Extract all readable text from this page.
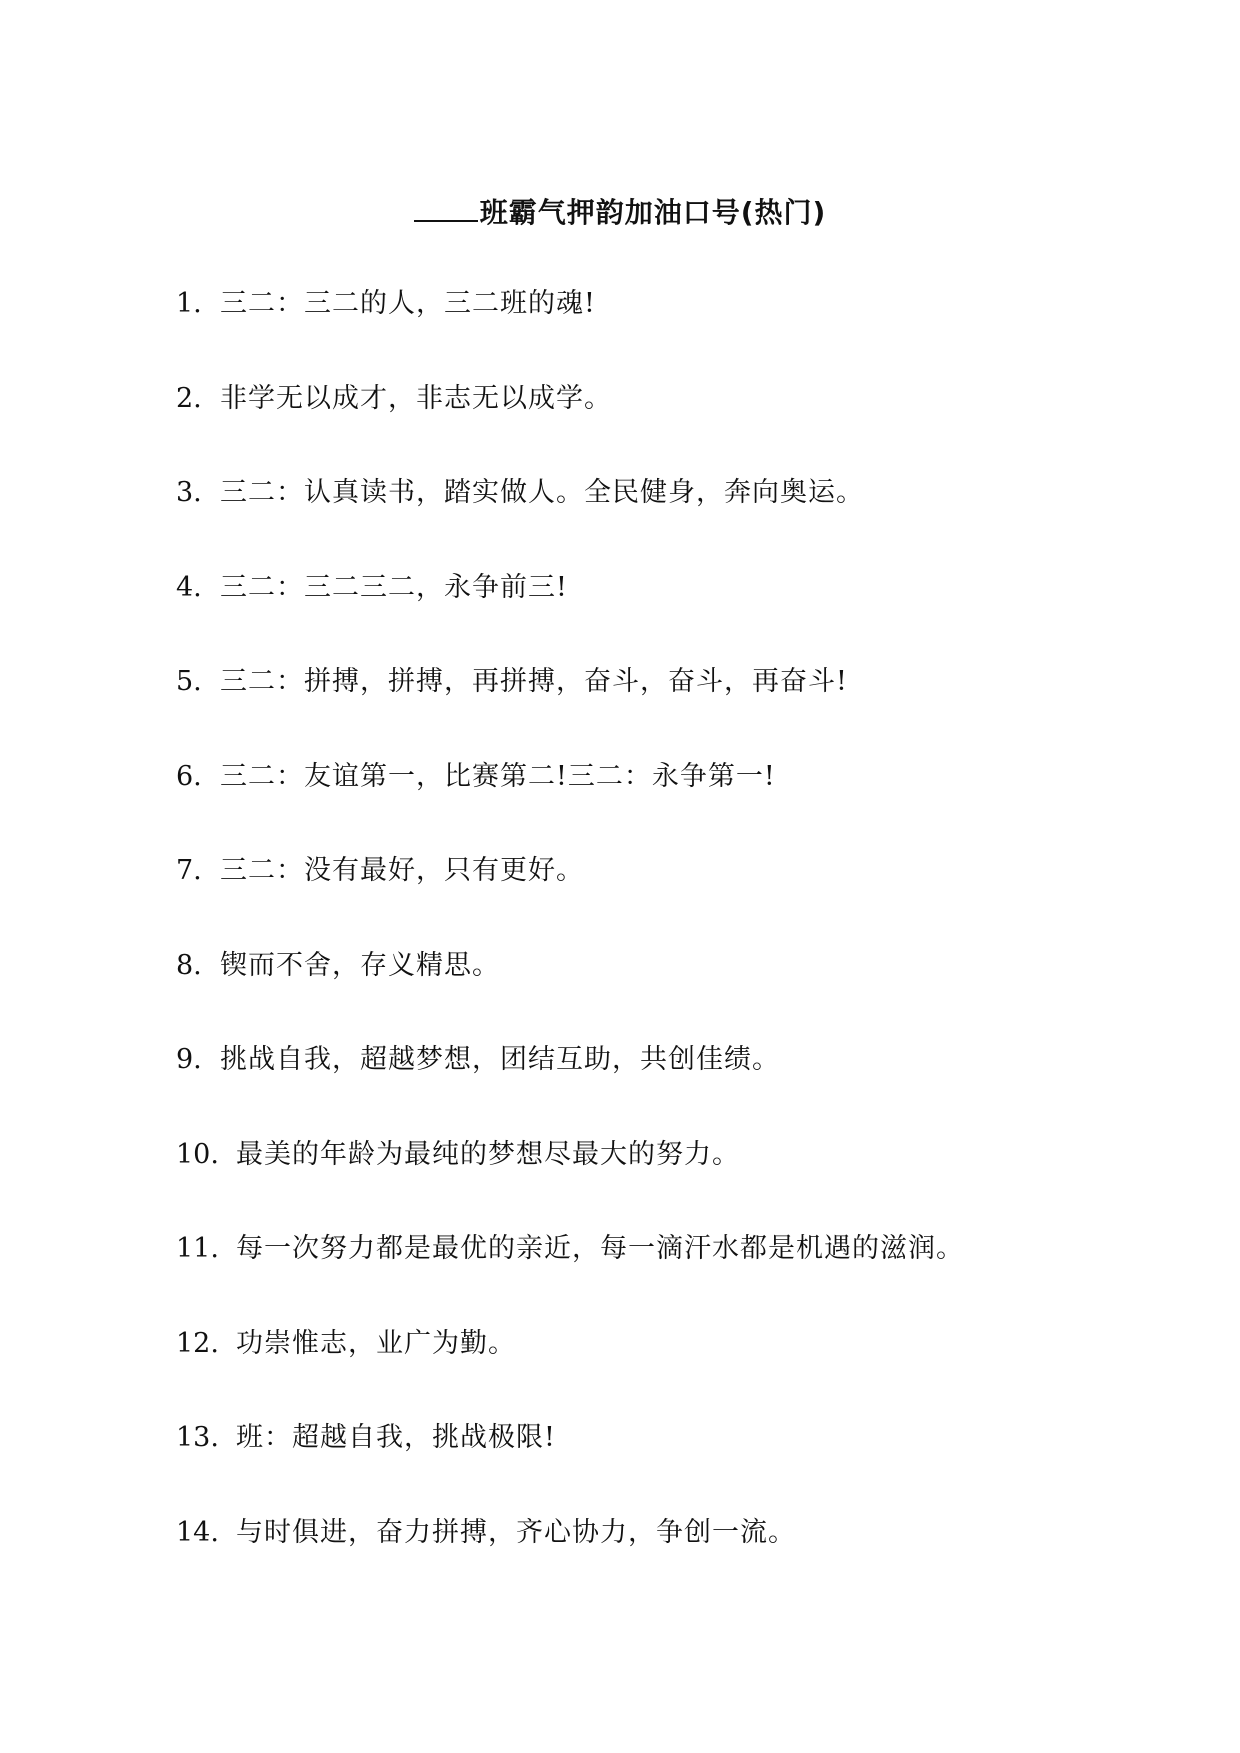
班霸气押韵加油口号(热门)
1. 三二：三二的人，三二班的魂!
2. 非学无以成才，非志无以成学。
3. 三二：认真读书，踏实做人。全民健身，奔向奥运。
4. 三二：三二三二，永争前三!
5. 三二：拼搏，拼搏，再拼搏，奋斗，奋斗，再奋斗!
6. 三二：友谊第一，比赛第二!三二：永争第一!
7. 三二：没有最好，只有更好。
8. 锲而不舍，存义精思。
9. 挑战自我，超越梦想，团结互助，共创佳绩。
10. 最美的年龄为最纯的梦想尽最大的努力。
11. 每一次努力都是最优的亲近，每一滴汗水都是机遇的滋润。
12. 功崇惟志，业广为勤。
13. 班：超越自我，挑战极限!
14. 与时俱进，奋力拼搏，齐心协力，争创一流。
